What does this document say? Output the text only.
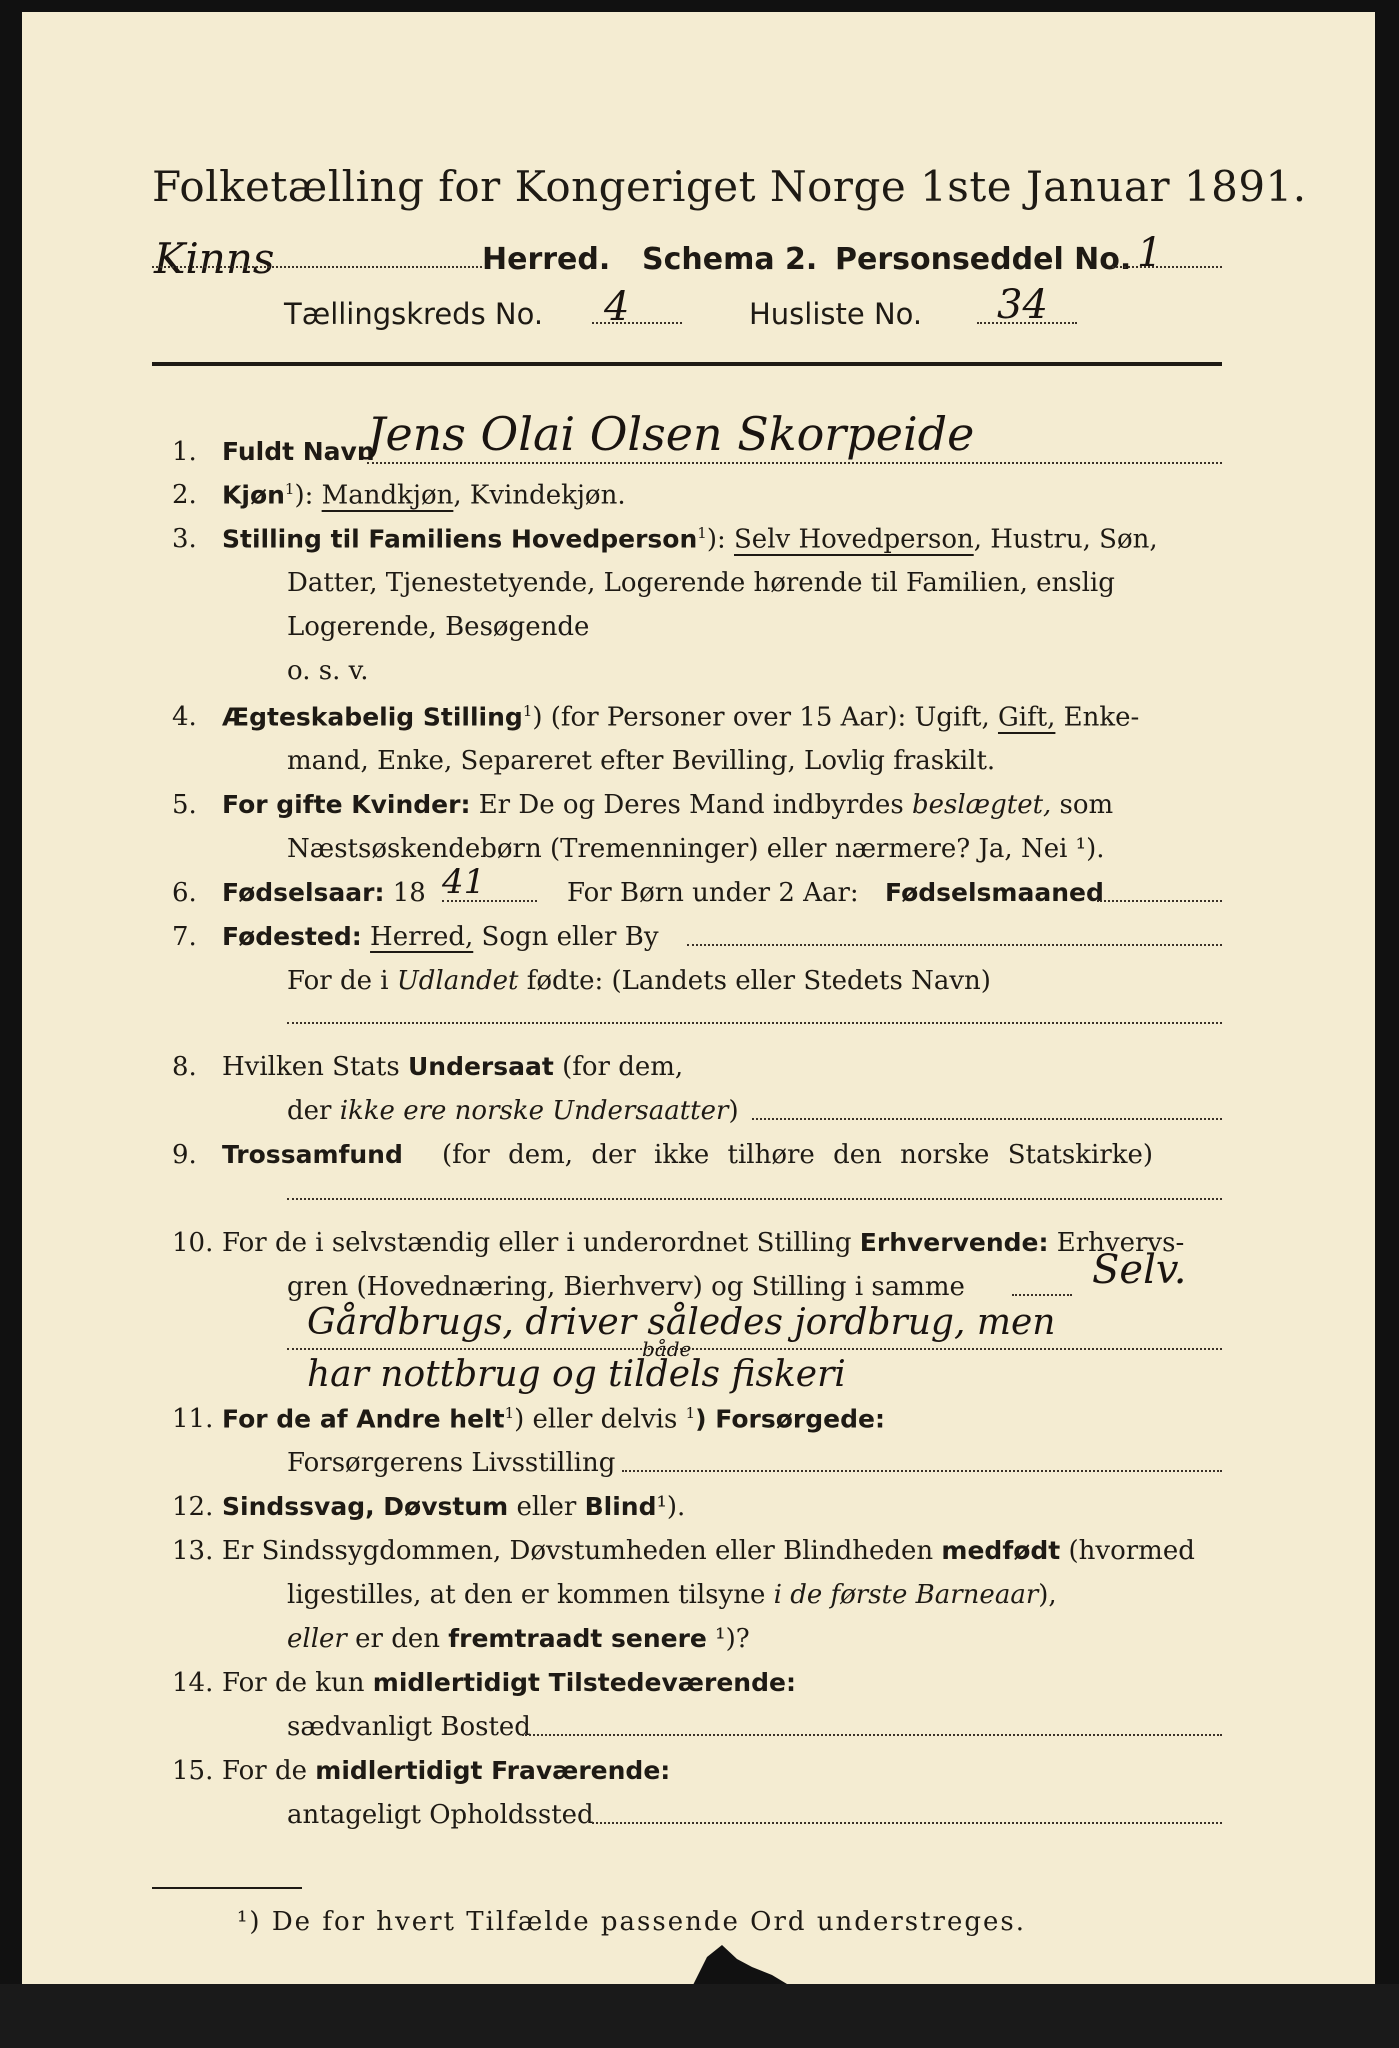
Folketælling for Kongeriget Norge 1ste Januar 1891.
Kinns	Herred. Schema 2. Personseddel No. 1
Tællingskreds No. 4	Husliste No. 34
1. Fuldt Navn
Jens Olai Olsen Skorpeide
2. Kjøn$^1$): Mandkjøn, Kvindekjøn.
3. Stilling til Familiens Hovedperson$^1$): Selv Hovedperson, Hustru, Søn,
Datter, Tjenestetyende, Logerende hørende til Familien, enslig
Logerende, Besøgende
o. s. v.
4. Ægteskabelig Stilling$^1$) (for Personer over 15 Aar): Ugift, Gift, Enke-
mand, Enke, Separeret efter Bevilling, Lovlig fraskilt.
5. For gifte Kvinder: Er De og Deres Mand indbyrdes beslægtet, som
Næstsøskendebørn (Tremenninger) eller nærmere? Ja, Nei ¹).
6. Fødselsaar: 18 41	For Børn under 2 Aar: Fødselsmaaned
7. Fødested: Herred, Sogn eller By
For de i Udlandet fødte: (Landets eller Stedets Navn)
8. Hvilken Stats Undersaat (for dem,
der ikke ere norske Undersaatter)
9. Trossamfund (for dem, der ikke tilhøre den norske Statskirke)
10. For de i selvstændig eller i underordnet Stilling Erhvervende: Erhvervs-
gren (Hovednæring, Bierhverv) og Stilling i samme	Selv.
Gårdbrugs, driver således jordbrug, men
både
har nottbrug og tildels fiskeri
11. For de af Andre helt$^1$) eller delvis $^1$) Forsørgede:
Forsørgerens Livsstilling
12. Sindssvag, Døvstum eller Blind¹).
13. Er Sindssygdommen, Døvstumheden eller Blindheden medfødt (hvormed
ligestilles, at den er kommen tilsyne i de første Barneaar),
eller er den fremtraadt senere ¹)?
14. For de kun midlertidigt Tilstedeværende:
sædvanligt Bosted
15. For de midlertidigt Fraværende:
antageligt Opholdssted
¹) De for hvert Tilfælde passende Ord understreges.
